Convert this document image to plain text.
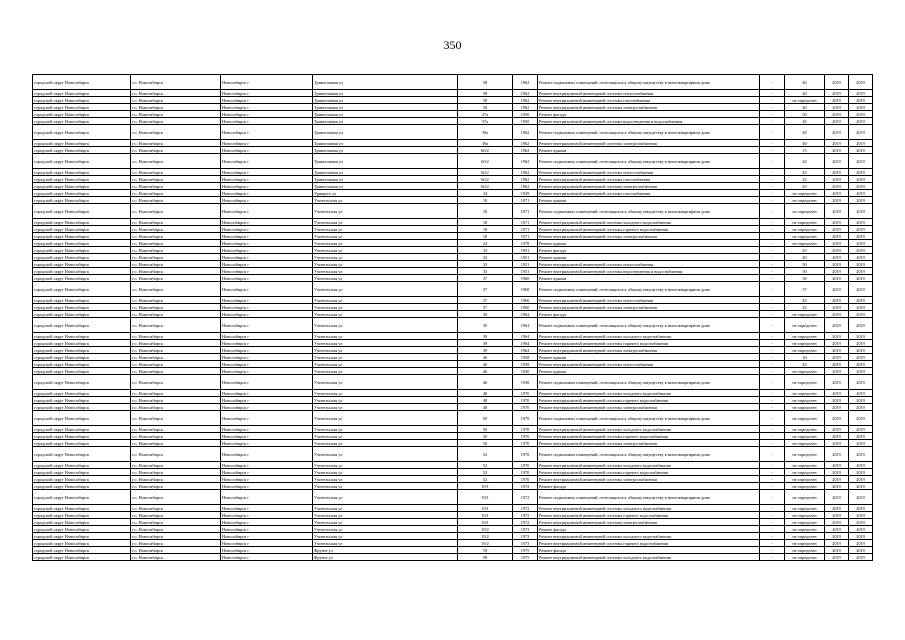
350
городской округ Новосибирск	г.о. Новосибирск	Новосибирск г	Трикотажная ул	58	1962	Ремонт подвальных помещений, относящихся к общему имуществу в многоквартирном доме	-	40	2019	2019
городской округ Новосибирск	г.о. Новосибирск	Новосибирск г	Трикотажная ул	58	1962	Ремонт внутридомовой инженерной системы теплоснабжения	-	40	2019	2019
городской округ Новосибирск	г.о. Новосибирск	Новосибирск г	Трикотажная ул	58	1962	Ремонт внутридомовой инженерной системы газоснабжения	-	не определен	2019	2019
городской округ Новосибирск	г.о. Новосибирск	Новосибирск г	Трикотажная ул	58	1962	Ремонт внутридомовой инженерной системы электроснабжения	-	40	2019	2019
городской округ Новосибирск	г.о. Новосибирск	Новосибирск г	Трикотажная ул	37а	1950	Ремонт фасада	-	50	2019	2019
городской округ Новосибирск	г.о. Новосибирск	Новосибирск г	Трикотажная ул	37а	1950	Ремонт внутридомовой инженерной системы водоотведения и водоснабжения	-	45	2019	2019
городской округ Новосибирск	г.о. Новосибирск	Новосибирск г	Трикотажная ул	39а	1962	Ремонт подвальных помещений, относящихся к общему имуществу в многоквартирном доме	-	40	2019	2019
городской округ Новосибирск	г.о. Новосибирск	Новосибирск г	Трикотажная ул	39а	1962	Ремонт внутридомовой инженерной системы электроснабжения	-	40	2019	2019
городской округ Новосибирск	г.о. Новосибирск	Новосибирск г	Трикотажная ул	60/2	1962	Ремонт крыши	-	15	2019	2019
городской округ Новосибирск	г.о. Новосибирск	Новосибирск г	Трикотажная ул	60/2	1962	Ремонт подвальных помещений, относящихся к общему имуществу в многоквартирном доме	-	42	2019	2019
городской округ Новосибирск	г.о. Новосибирск	Новосибирск г	Трикотажная ул	60/2	1962	Ремонт внутридомовой инженерной системы теплоснабжения	-	45	2019	2019
городской округ Новосибирск	г.о. Новосибирск	Новосибирск г	Трикотажная ул	60/2	1962	Ремонт внутридомовой инженерной системы газоснабжения	-	45	2019	2019
городской округ Новосибирск	г.о. Новосибирск	Новосибирск г	Трикотажная ул	60/2	1962	Ремонт внутридомовой инженерной системы электроснабжения	-	45	2019	2019
городской округ Новосибирск	г.о. Новосибирск	Новосибирск г	Урицкого ул	34	1929	Ремонт внутридомовой инженерной системы газоснабжения	-	не определен	2019	2019
городской округ Новосибирск	г.о. Новосибирск	Новосибирск г	Учительская ул	18	1971	Ремонт крыши	-	не определен	2019	2019
городской округ Новосибирск	г.о. Новосибирск	Новосибирск г	Учительская ул	18	1971	Ремонт подвальных помещений, относящихся к общему имуществу в многоквартирном доме	-	не определен	2019	2019
городской округ Новосибирск	г.о. Новосибирск	Новосибирск г	Учительская ул	18	1971	Ремонт внутридомовой инженерной системы холодного водоснабжения	-	не определен	2019	2019
городской округ Новосибирск	г.о. Новосибирск	Новосибирск г	Учительская ул	18	1971	Ремонт внутридомовой инженерной системы горячего водоснабжения	-	не определен	2019	2019
городской округ Новосибирск	г.о. Новосибирск	Новосибирск г	Учительская ул	18	1971	Ремонт внутридомовой инженерной системы электроснабжения	-	не определен	2019	2019
городской округ Новосибирск	г.о. Новосибирск	Новосибирск г	Учительская ул	24	1978	Ремонт крыши	-	не определен	2019	2019
городской округ Новосибирск	г.о. Новосибирск	Новосибирск г	Учительская ул	33	1951	Ремонт фасада	-	45	2019	2019
городской округ Новосибирск	г.о. Новосибирск	Новосибирск г	Учительская ул	33	1951	Ремонт крыши	-	40	2019	2019
городской округ Новосибирск	г.о. Новосибирск	Новосибирск г	Учительская ул	33	1951	Ремонт внутридомовой инженерной системы теплоснабжения	-	50	2019	2019
городской округ Новосибирск	г.о. Новосибирск	Новосибирск г	Учительская ул	33	1951	Ремонт внутридомовой инженерной системы водоотведения и водоснабжения	-	50	2019	2019
городской округ Новосибирск	г.о. Новосибирск	Новосибирск г	Учительская ул	37	1960	Ремонт крыши	-	30	2019	2019
городской округ Новосибирск	г.о. Новосибирск	Новосибирск г	Учительская ул	37	1960	Ремонт подвальных помещений, относящихся к общему имуществу в многоквартирном доме	-	37	2019	2019
городской округ Новосибирск	г.о. Новосибирск	Новосибирск г	Учительская ул	37	1960	Ремонт внутридомовой инженерной системы теплоснабжения	-	45	2019	2019
городской округ Новосибирск	г.о. Новосибирск	Новосибирск г	Учительская ул	37	1960	Ремонт внутридомовой инженерной системы электроснабжения	-	45	2019	2019
городской округ Новосибирск	г.о. Новосибирск	Новосибирск г	Учительская ул	39	1964	Ремонт фасада	-	не определен	2019	2019
городской округ Новосибирск	г.о. Новосибирск	Новосибирск г	Учительская ул	39	1964	Ремонт подвальных помещений, относящихся к общему имуществу в многоквартирном доме	-	не определен	2019	2019
городской округ Новосибирск	г.о. Новосибирск	Новосибирск г	Учительская ул	39	1964	Ремонт внутридомовой инженерной системы холодного водоснабжения	-	не определен	2019	2019
городской округ Новосибирск	г.о. Новосибирск	Новосибирск г	Учительская ул	39	1964	Ремонт внутридомовой инженерной системы горячего водоснабжения	-	не определен	2019	2019
городской округ Новосибирск	г.о. Новосибирск	Новосибирск г	Учительская ул	39	1964	Ремонт внутридомовой инженерной системы электроснабжения	-	не определен	2019	2019
городской округ Новосибирск	г.о. Новосибирск	Новосибирск г	Учительская ул	40	1958	Ремонт крыши	-	30	2019	2019
городской округ Новосибирск	г.о. Новосибирск	Новосибирск г	Учительская ул	40	1958	Ремонт внутридомовой инженерной системы теплоснабжения	-	45	2019	2019
городской округ Новосибирск	г.о. Новосибирск	Новосибирск г	Учительская ул	46	1930	Ремонт крыши	-	не определен	2019	2019
городской округ Новосибирск	г.о. Новосибирск	Новосибирск г	Учительская ул	46	1930	Ремонт подвальных помещений, относящихся к общему имуществу в многоквартирном доме	-	не определен	2019	2019
городской округ Новосибирск	г.о. Новосибирск	Новосибирск г	Учительская ул	48	1970	Ремонт внутридомовой инженерной системы холодного водоснабжения	-	не определен	2019	2019
городской округ Новосибирск	г.о. Новосибирск	Новосибирск г	Учительская ул	48	1970	Ремонт внутридомовой инженерной системы горячего водоснабжения	-	не определен	2019	2019
городской округ Новосибирск	г.о. Новосибирск	Новосибирск г	Учительская ул	48	1970	Ремонт внутридомовой инженерной системы электроснабжения	-	не определен	2019	2019
городской округ Новосибирск	г.о. Новосибирск	Новосибирск г	Учительская ул	50	1970	Ремонт подвальных помещений, относящихся к общему имуществу в многоквартирном доме	-	не определен	2019	2019
городской округ Новосибирск	г.о. Новосибирск	Новосибирск г	Учительская ул	50	1970	Ремонт внутридомовой инженерной системы холодного водоснабжения	-	не определен	2019	2019
городской округ Новосибирск	г.о. Новосибирск	Новосибирск г	Учительская ул	50	1970	Ремонт внутридомовой инженерной системы горячего водоснабжения	-	не определен	2019	2019
городской округ Новосибирск	г.о. Новосибирск	Новосибирск г	Учительская ул	50	1970	Ремонт внутридомовой инженерной системы электроснабжения	-	не определен	2019	2019
городской округ Новосибирск	г.о. Новосибирск	Новосибирск г	Учительская ул	52	1970	Ремонт подвальных помещений, относящихся к общему имуществу в многоквартирном доме	-	не определен	2019	2019
городской округ Новосибирск	г.о. Новосибирск	Новосибирск г	Учительская ул	52	1970	Ремонт внутридомовой инженерной системы холодного водоснабжения	-	не определен	2019	2019
городской округ Новосибирск	г.о. Новосибирск	Новосибирск г	Учительская ул	52	1970	Ремонт внутридомовой инженерной системы горячего водоснабжения	-	не определен	2019	2019
городской округ Новосибирск	г.о. Новосибирск	Новосибирск г	Учительская ул	52	1970	Ремонт внутридомовой инженерной системы электроснабжения	-	не определен	2019	2019
городской округ Новосибирск	г.о. Новосибирск	Новосибирск г	Учительская ул	19/1	1972	Ремонт фасада	-	не определен	2019	2019
городской округ Новосибирск	г.о. Новосибирск	Новосибирск г	Учительская ул	19/1	1972	Ремонт подвальных помещений, относящихся к общему имуществу в многоквартирном доме	-	не определен	2019	2019
городской округ Новосибирск	г.о. Новосибирск	Новосибирск г	Учительская ул	19/1	1972	Ремонт внутридомовой инженерной системы холодного водоснабжения	-	не определен	2019	2019
городской округ Новосибирск	г.о. Новосибирск	Новосибирск г	Учительская ул	19/1	1972	Ремонт внутридомовой инженерной системы горячего водоснабжения	-	не определен	2019	2019
городской округ Новосибирск	г.о. Новосибирск	Новосибирск г	Учительская ул	19/1	1972	Ремонт внутридомовой инженерной системы электроснабжения	-	не определен	2019	2019
городской округ Новосибирск	г.о. Новосибирск	Новосибирск г	Учительская ул	19/2	1973	Ремонт фасада	-	не определен	2019	2019
городской округ Новосибирск	г.о. Новосибирск	Новосибирск г	Учительская ул	19/2	1973	Ремонт внутридомовой инженерной системы холодного водоснабжения	-	не определен	2019	2019
городской округ Новосибирск	г.о. Новосибирск	Новосибирск г	Учительская ул	19/2	1973	Ремонт внутридомовой инженерной системы горячего водоснабжения	-	не определен	2019	2019
городской округ Новосибирск	г.о. Новосибирск	Новосибирск г	Фрунзе ул	59	1975	Ремонт фасада	-	не определен	2019	2019
городской округ Новосибирск	г.о. Новосибирск	Новосибирск г	Фрунзе ул	59	1975	Ремонт внутридомовой инженерной системы холодного водоснабжения	-	не определен	2019	2019
